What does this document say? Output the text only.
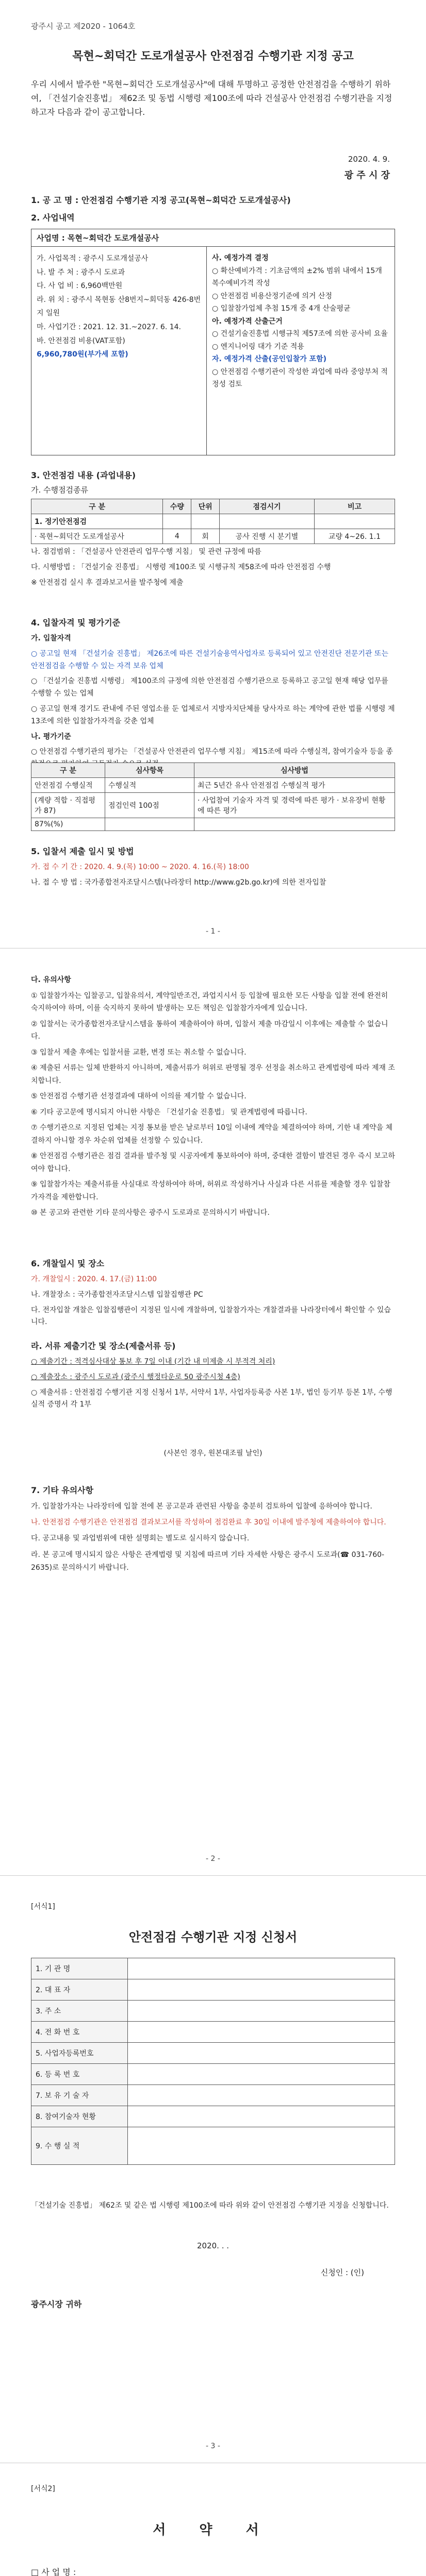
광주시 공고 제2020 - 1064호
목현~회덕간 도로개설공사 안전점검 수행기관 지정 공고

우리 시에서 발주한 "목현~회덕간 도로개설공사"에 대해 투명하고 공정한 안전점검을 수행하기 위하여, 「건설기술진흥법」 제62조 및 동법 시행령 제100조에 따라 건설공사 안전점검 수행기관을 지정하고자 다음과 같이 공고합니다.

2020. 4. 9.
광 주 시 장
1. 공 고 명 : 안전점검 수행기관 지정 공고(목현~회덕간 도로개설공사)
2. 사업내역
사업명 : 목현~회덕간 도로개설공사
가. 사업목적 : 광주시 도로개설공사
나. 발 주 처 : 광주시 도로과
다. 사 업 비 : 6,960백만원
라. 위 치 : 광주시 목현동 산8번지~회덕동 426-8번지 일원
마. 사업기간 : 2021. 12. 31.~2027. 6. 14.
바. 안전점검 비용(VAT포함)
6,960,780원(부가세 포함)
사. 예정가격 결정
○ 확산예비가격 : 기초금액의 ±2% 범위 내에서 15개 복수예비가격 작성
○ 안전점검 비용산정기준에 의거 산정
○ 입찰참가업체 추첨 15개 중 4개 산술평균
아. 예정가격 산출근거
○ 건설기술진흥법 시행규칙 제57조에 의한 공사비 요율
○ 엔지니어링 대가 기준 적용
자. 예정가격 산출(공인입찰가 포함)
○ 안전점검 수행기관이 작성한 과업에 따라 중앙부처 적정성 검토
3. 안전점검 내용 (과업내용)
가. 수행점검종류
구 분	수량	단위	점검시기	비고
1. 정기안전점검				
· 목현~회덕간 도로개설공사	4	회	공사 진행 시 분기별	교량 4~26. 1.1

나. 점검범위 : 「건설공사 안전관리 업무수행 지침」 및 관련 규정에 따름

다. 시행방법 : 「건설기술 진흥법」 시행령 제100조 및 시행규칙 제58조에 따라 안전점검 수행

※ 안전점검 실시 후 결과보고서를 발주청에 제출

4. 입찰자격 및 평가기준

가. 입찰자격

○ 공고일 현재 「건설기술 진흥법」 제26조에 따른 건설기술용역사업자로 등록되어 있고 안전진단 전문기관 또는 안전점검을 수행할 수 있는 자격 보유 업체

○ 「건설기술 진흥법 시행령」 제100조의 규정에 의한 안전점검 수행기관으로 등록하고 공고일 현재 해당 업무를 수행할 수 있는 업체

○ 공고일 현재 경기도 관내에 주된 영업소를 둔 업체로서 지방자치단체를 당사자로 하는 계약에 관한 법률 시행령 제13조에 의한 입찰참가자격을 갖춘 업체

나. 평가기준

○ 안전점검 수행기관의 평가는 「건설공사 안전관리 업무수행 지침」 제15조에 따라 수행실적, 참여기술자 등을 종합적으로 평가하여 고득점자 순으로 선정

구 분	심사항목	심사방법
안전점검 수행실적	수행실적	최근 5년간 유사 안전점검 수행실적 평가
(계량 적합 · 직접평가 87)	점검인력 100점	· 사업참여 기술자 자격 및 경력에 따른 평가 · 보유장비 현황에 따른 평가
87%(%)		
5. 입찰서 제출 일시 및 방법

가. 접 수 기 간 : 2020. 4. 9.(목) 10:00 ~ 2020. 4. 16.(목) 18:00

나. 접 수 방 법 : 국가종합전자조달시스템(나라장터 http://www.g2b.go.kr)에 의한 전자입찰

- 1 -

다. 유의사항

① 입찰참가자는 입찰공고, 입찰유의서, 계약일반조건, 과업지시서 등 입찰에 필요한 모든 사항을 입찰 전에 완전히 숙지하여야 하며, 이를 숙지하지 못하여 발생하는 모든 책임은 입찰참가자에게 있습니다.

② 입찰서는 국가종합전자조달시스템을 통하여 제출하여야 하며, 입찰서 제출 마감일시 이후에는 제출할 수 없습니다.

③ 입찰서 제출 후에는 입찰서를 교환, 변경 또는 취소할 수 없습니다.

④ 제출된 서류는 일체 반환하지 아니하며, 제출서류가 허위로 판명될 경우 선정을 취소하고 관계법령에 따라 제재 조치합니다.

⑤ 안전점검 수행기관 선정결과에 대하여 이의를 제기할 수 없습니다.

⑥ 기타 공고문에 명시되지 아니한 사항은 「건설기술 진흥법」 및 관계법령에 따릅니다.

⑦ 수행기관으로 지정된 업체는 지정 통보를 받은 날로부터 10일 이내에 계약을 체결하여야 하며, 기한 내 계약을 체결하지 아니할 경우 차순위 업체를 선정할 수 있습니다.

⑧ 안전점검 수행기관은 점검 결과를 발주청 및 시공자에게 통보하여야 하며, 중대한 결함이 발견된 경우 즉시 보고하여야 합니다.

⑨ 입찰참가자는 제출서류를 사실대로 작성하여야 하며, 허위로 작성하거나 사실과 다른 서류를 제출할 경우 입찰참가자격을 제한합니다.

⑩ 본 공고와 관련한 기타 문의사항은 광주시 도로과로 문의하시기 바랍니다.

6. 개찰일시 및 장소

가. 개찰일시 : 2020. 4. 17.(금) 11:00

나. 개찰장소 : 국가종합전자조달시스템 입찰집행관 PC

다. 전자입찰 개찰은 입찰집행관이 지정된 일시에 개찰하며, 입찰참가자는 개찰결과를 나라장터에서 확인할 수 있습니다.

라. 서류 제출기간 및 장소(제출서류 등)

○ 제출기간 : 적격심사대상 통보 후 7일 이내 (기간 내 미제출 시 부적격 처리)

○ 제출장소 : 광주시 도로과 (광주시 행정타운로 50 광주시청 4층)

○ 제출서류 : 안전점검 수행기관 지정 신청서 1부, 서약서 1부, 사업자등록증 사본 1부, 법인 등기부 등본 1부, 수행실적 증명서 각 1부

(사본인 경우, 원본대조필 날인)
7. 기타 유의사항

가. 입찰참가자는 나라장터에 입찰 전에 본 공고문과 관련된 사항을 충분히 검토하여 입찰에 응하여야 합니다.

나. 안전점검 수행기관은 안전점검 결과보고서를 작성하여 점검완료 후 30일 이내에 발주청에 제출하여야 합니다.

다. 공고내용 및 과업범위에 대한 설명회는 별도로 실시하지 않습니다.

라. 본 공고에 명시되지 않은 사항은 관계법령 및 지침에 따르며 기타 자세한 사항은 광주시 도로과(☎ 031-760-2635)로 문의하시기 바랍니다.

- 2 -
[서식1]
안전점검 수행기관 지정 신청서
1. 기 관 명	
2. 대 표 자	
3. 주 소	
4. 전 화 번 호	
5. 사업자등록번호	
6. 등 록 번 호	
7. 보 유 기 술 자	
8. 참여기술자 현황	
9. 수 행 실 적	

「건설기술 진흥법」 제62조 및 같은 법 시행령 제100조에 따라 위와 같이 안전점검 수행기관 지정을 신청합니다.

2020. . .
신청인 : (인)
광주시장 귀하
- 3 -
[서식2]
서 약 서
□ 사 업 명 :
